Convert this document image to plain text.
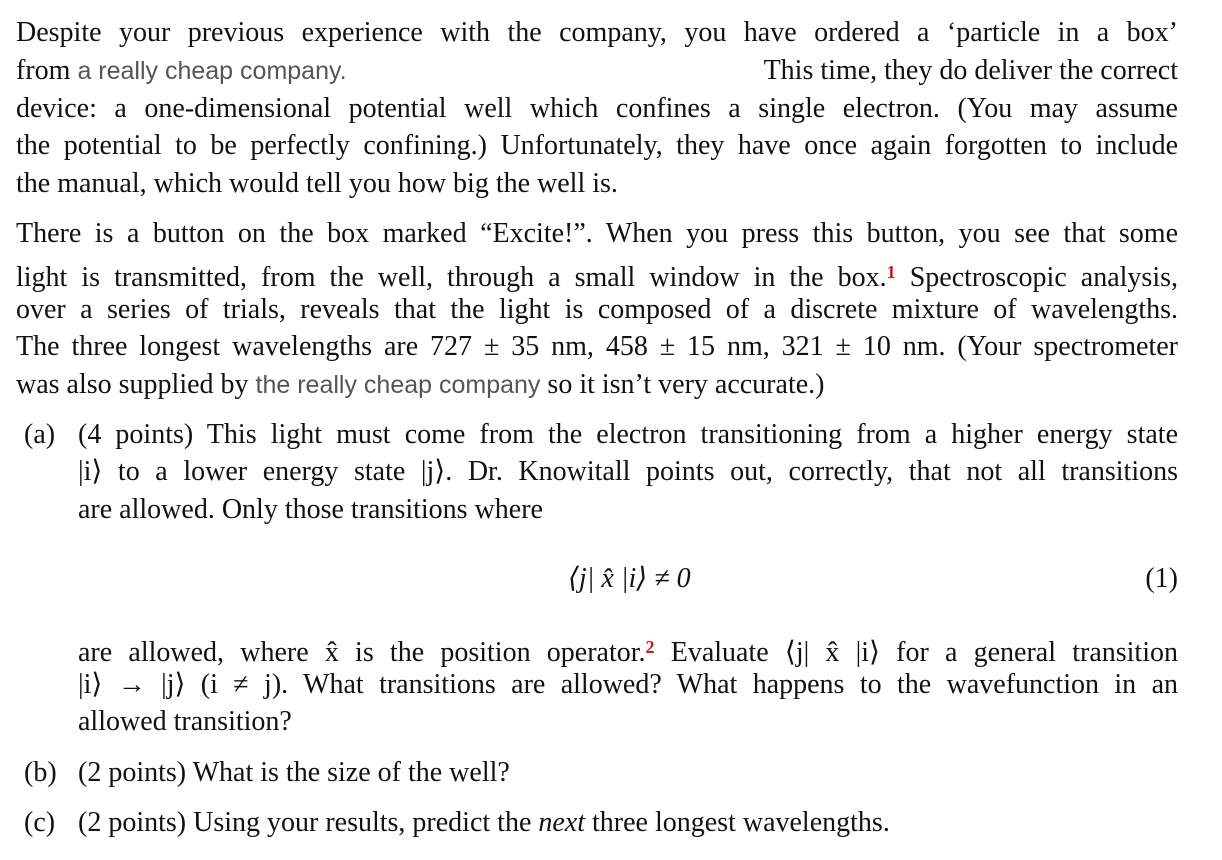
Despite your previous experience with the company, you have ordered a ‘particle in a box’
from a really cheap company.	This time, they do deliver the correct
device: a one-dimensional potential well which confines a single electron. (You may assume
the potential to be perfectly confining.) Unfortunately, they have once again forgotten to include
the manual, which would tell you how big the well is.
There is a button on the box marked “Excite!”. When you press this button, you see that some
light is transmitted, from the well, through a small window in the box.$^1$ Spectroscopic analysis,
over a series of trials, reveals that the light is composed of a discrete mixture of wavelengths.
The three longest wavelengths are 727 ± 35 nm, 458 ± 15 nm, 321 ± 10 nm. (Your spectrometer
was also supplied by the really cheap company so it isn’t very accurate.)
(a) (4 points) This light must come from the electron transitioning from a higher energy state
|i⟩ to a lower energy state |j⟩. Dr. Knowitall points out, correctly, that not all transitions
are allowed. Only those transitions where
⟨j| x̂ |i⟩ ≠ 0	(1)
are allowed, where x̂ is the position operator.$^2$ Evaluate ⟨j| x̂ |i⟩ for a general transition
|i⟩ → |j⟩ (i ≠ j). What transitions are allowed? What happens to the wavefunction in an
allowed transition?
(b) (2 points) What is the size of the well?
(c) (2 points) Using your results, predict the next three longest wavelengths.
